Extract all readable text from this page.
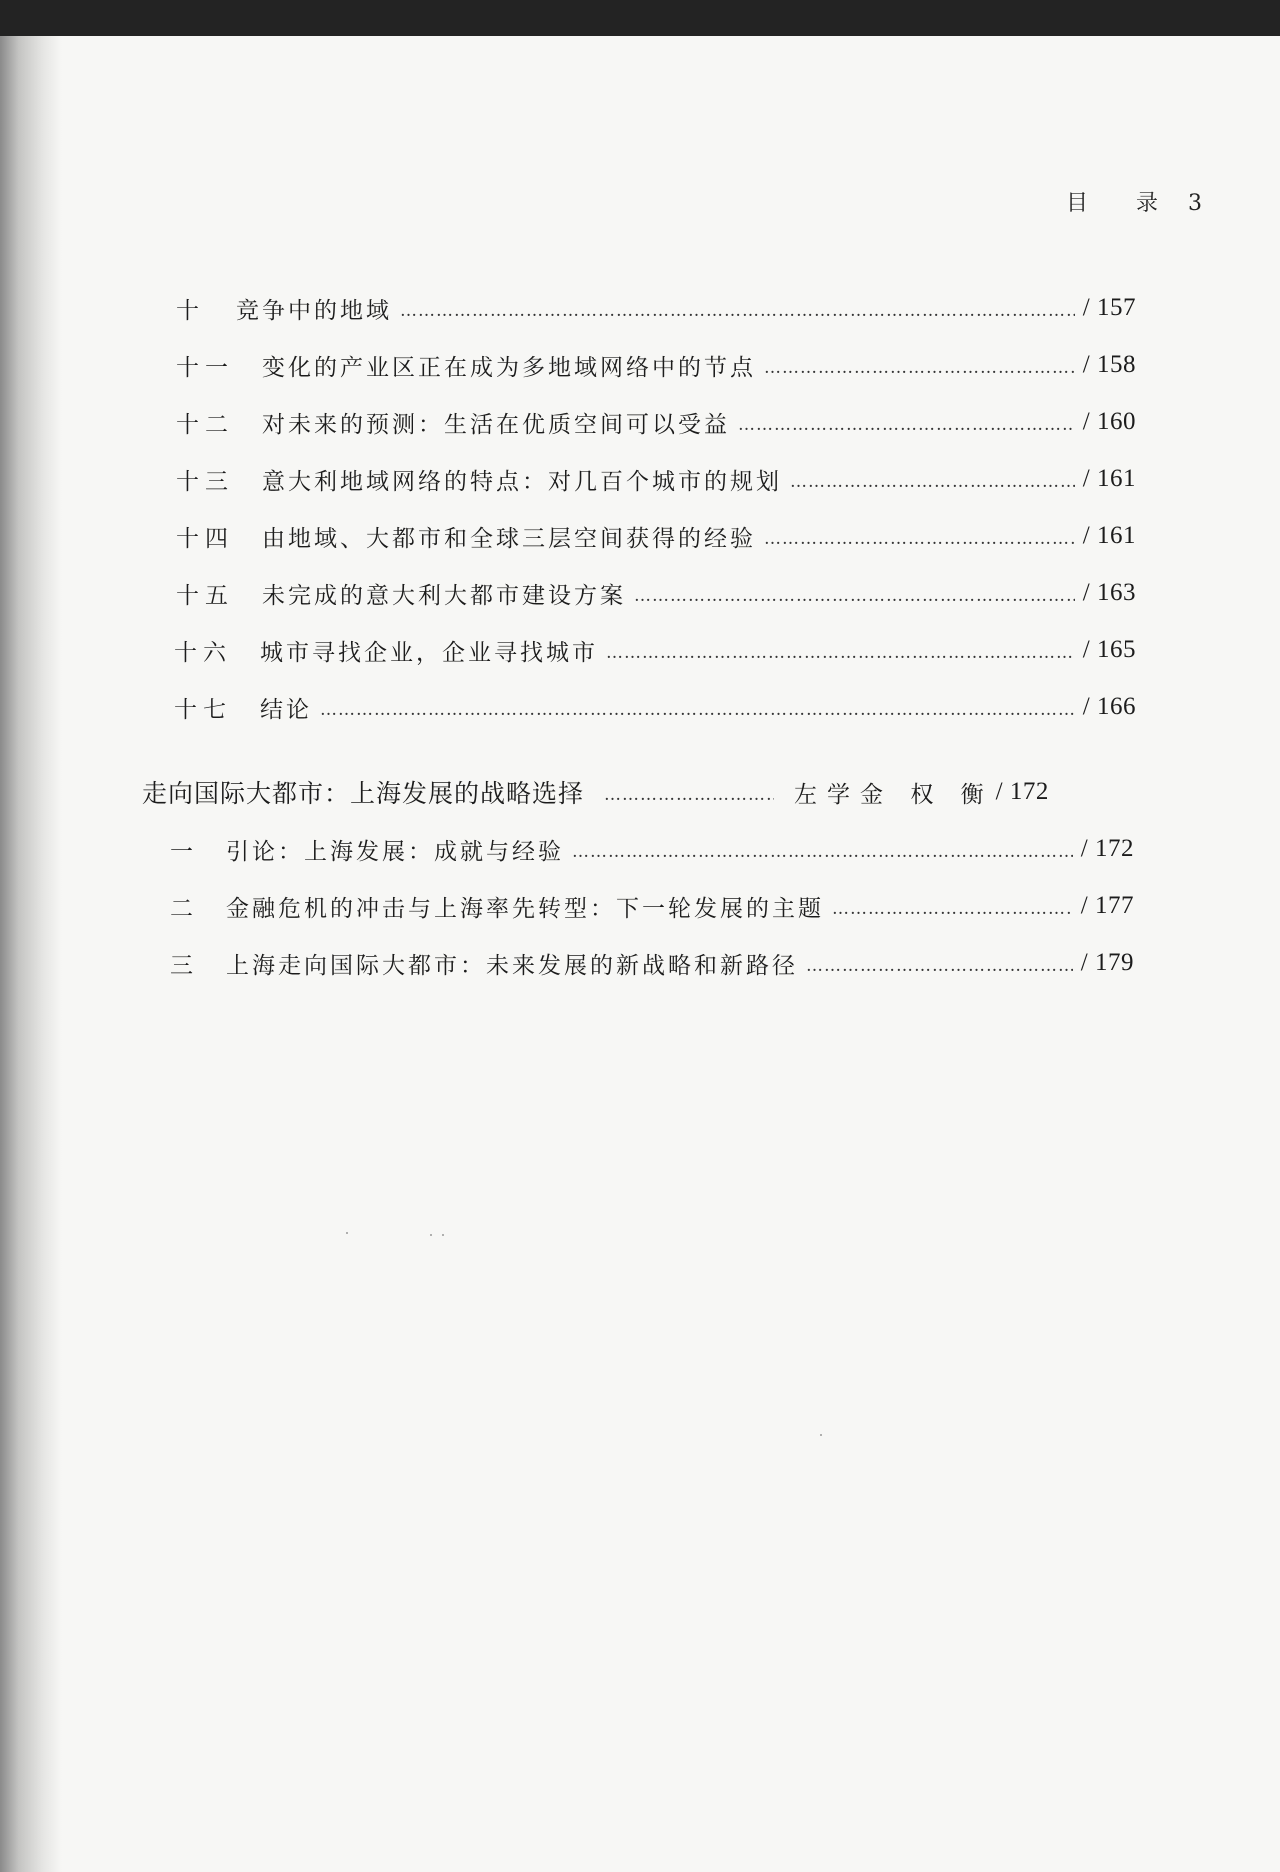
目 录 3
十	竞争中的地域 …………………………………………………………………………………………………………………………………………………………………………	/ 157
十一	变化的产业区正在成为多地域网络中的节点 …………………………………………………………………………………………………………………………………………………………………………	/ 158
十二	对未来的预测：生活在优质空间可以受益 …………………………………………………………………………………………………………………………………………………………………………	/ 160
十三	意大利地域网络的特点：对几百个城市的规划 …………………………………………………………………………………………………………………………………………………………………………	/ 161
十四	由地域、大都市和全球三层空间获得的经验 …………………………………………………………………………………………………………………………………………………………………………	/ 161
十五	未完成的意大利大都市建设方案 …………………………………………………………………………………………………………………………………………………………………………	/ 163
十六	城市寻找企业，企业寻找城市 …………………………………………………………………………………………………………………………………………………………………………	/ 165
十七	结论 …………………………………………………………………………………………………………………………………………………………………………	/ 166
走向国际大都市：上海发展的战略选择 …………………………………………………………………………………………………………………………………………………………………………	左学金 权 衡 / 172
一	引论：上海发展：成就与经验 …………………………………………………………………………………………………………………………………………………………………………	/ 172
二	金融危机的冲击与上海率先转型：下一轮发展的主题 …………………………………………………………………………………………………………………………………………………………………………	/ 177
三	上海走向国际大都市：未来发展的新战略和新路径 …………………………………………………………………………………………………………………………………………………………………………	/ 179
